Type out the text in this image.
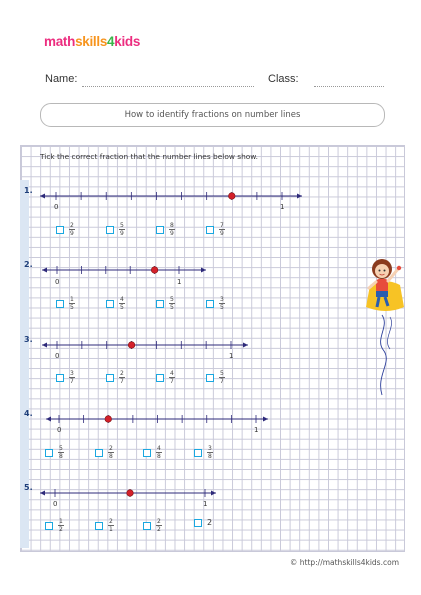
mathskills4kids
Name:	Class:
How to identify fractions on number lines
Tick the correct fraction that the number lines below show.
0	1
0	1
0	1
0	1
0	1
1.
$\frac{2}{9}$	$\frac{5}{9}$	$\frac{8}{9}$	$\frac{7}{9}$
2.
$\frac{1}{5}$	$\frac{4}{5}$	$\frac{5}{5}$	$\frac{3}{5}$
3.
$\frac{3}{7}$	$\frac{2}{7}$	$\frac{4}{7}$	$\frac{5}{7}$
4.
$\frac{5}{8}$	$\frac{2}{8}$	$\frac{4}{8}$	$\frac{3}{8}$
5.
$\frac{1}{2}$	$\frac{2}{1}$	$\frac{2}{2}$	2
© http://mathskills4kids.com
